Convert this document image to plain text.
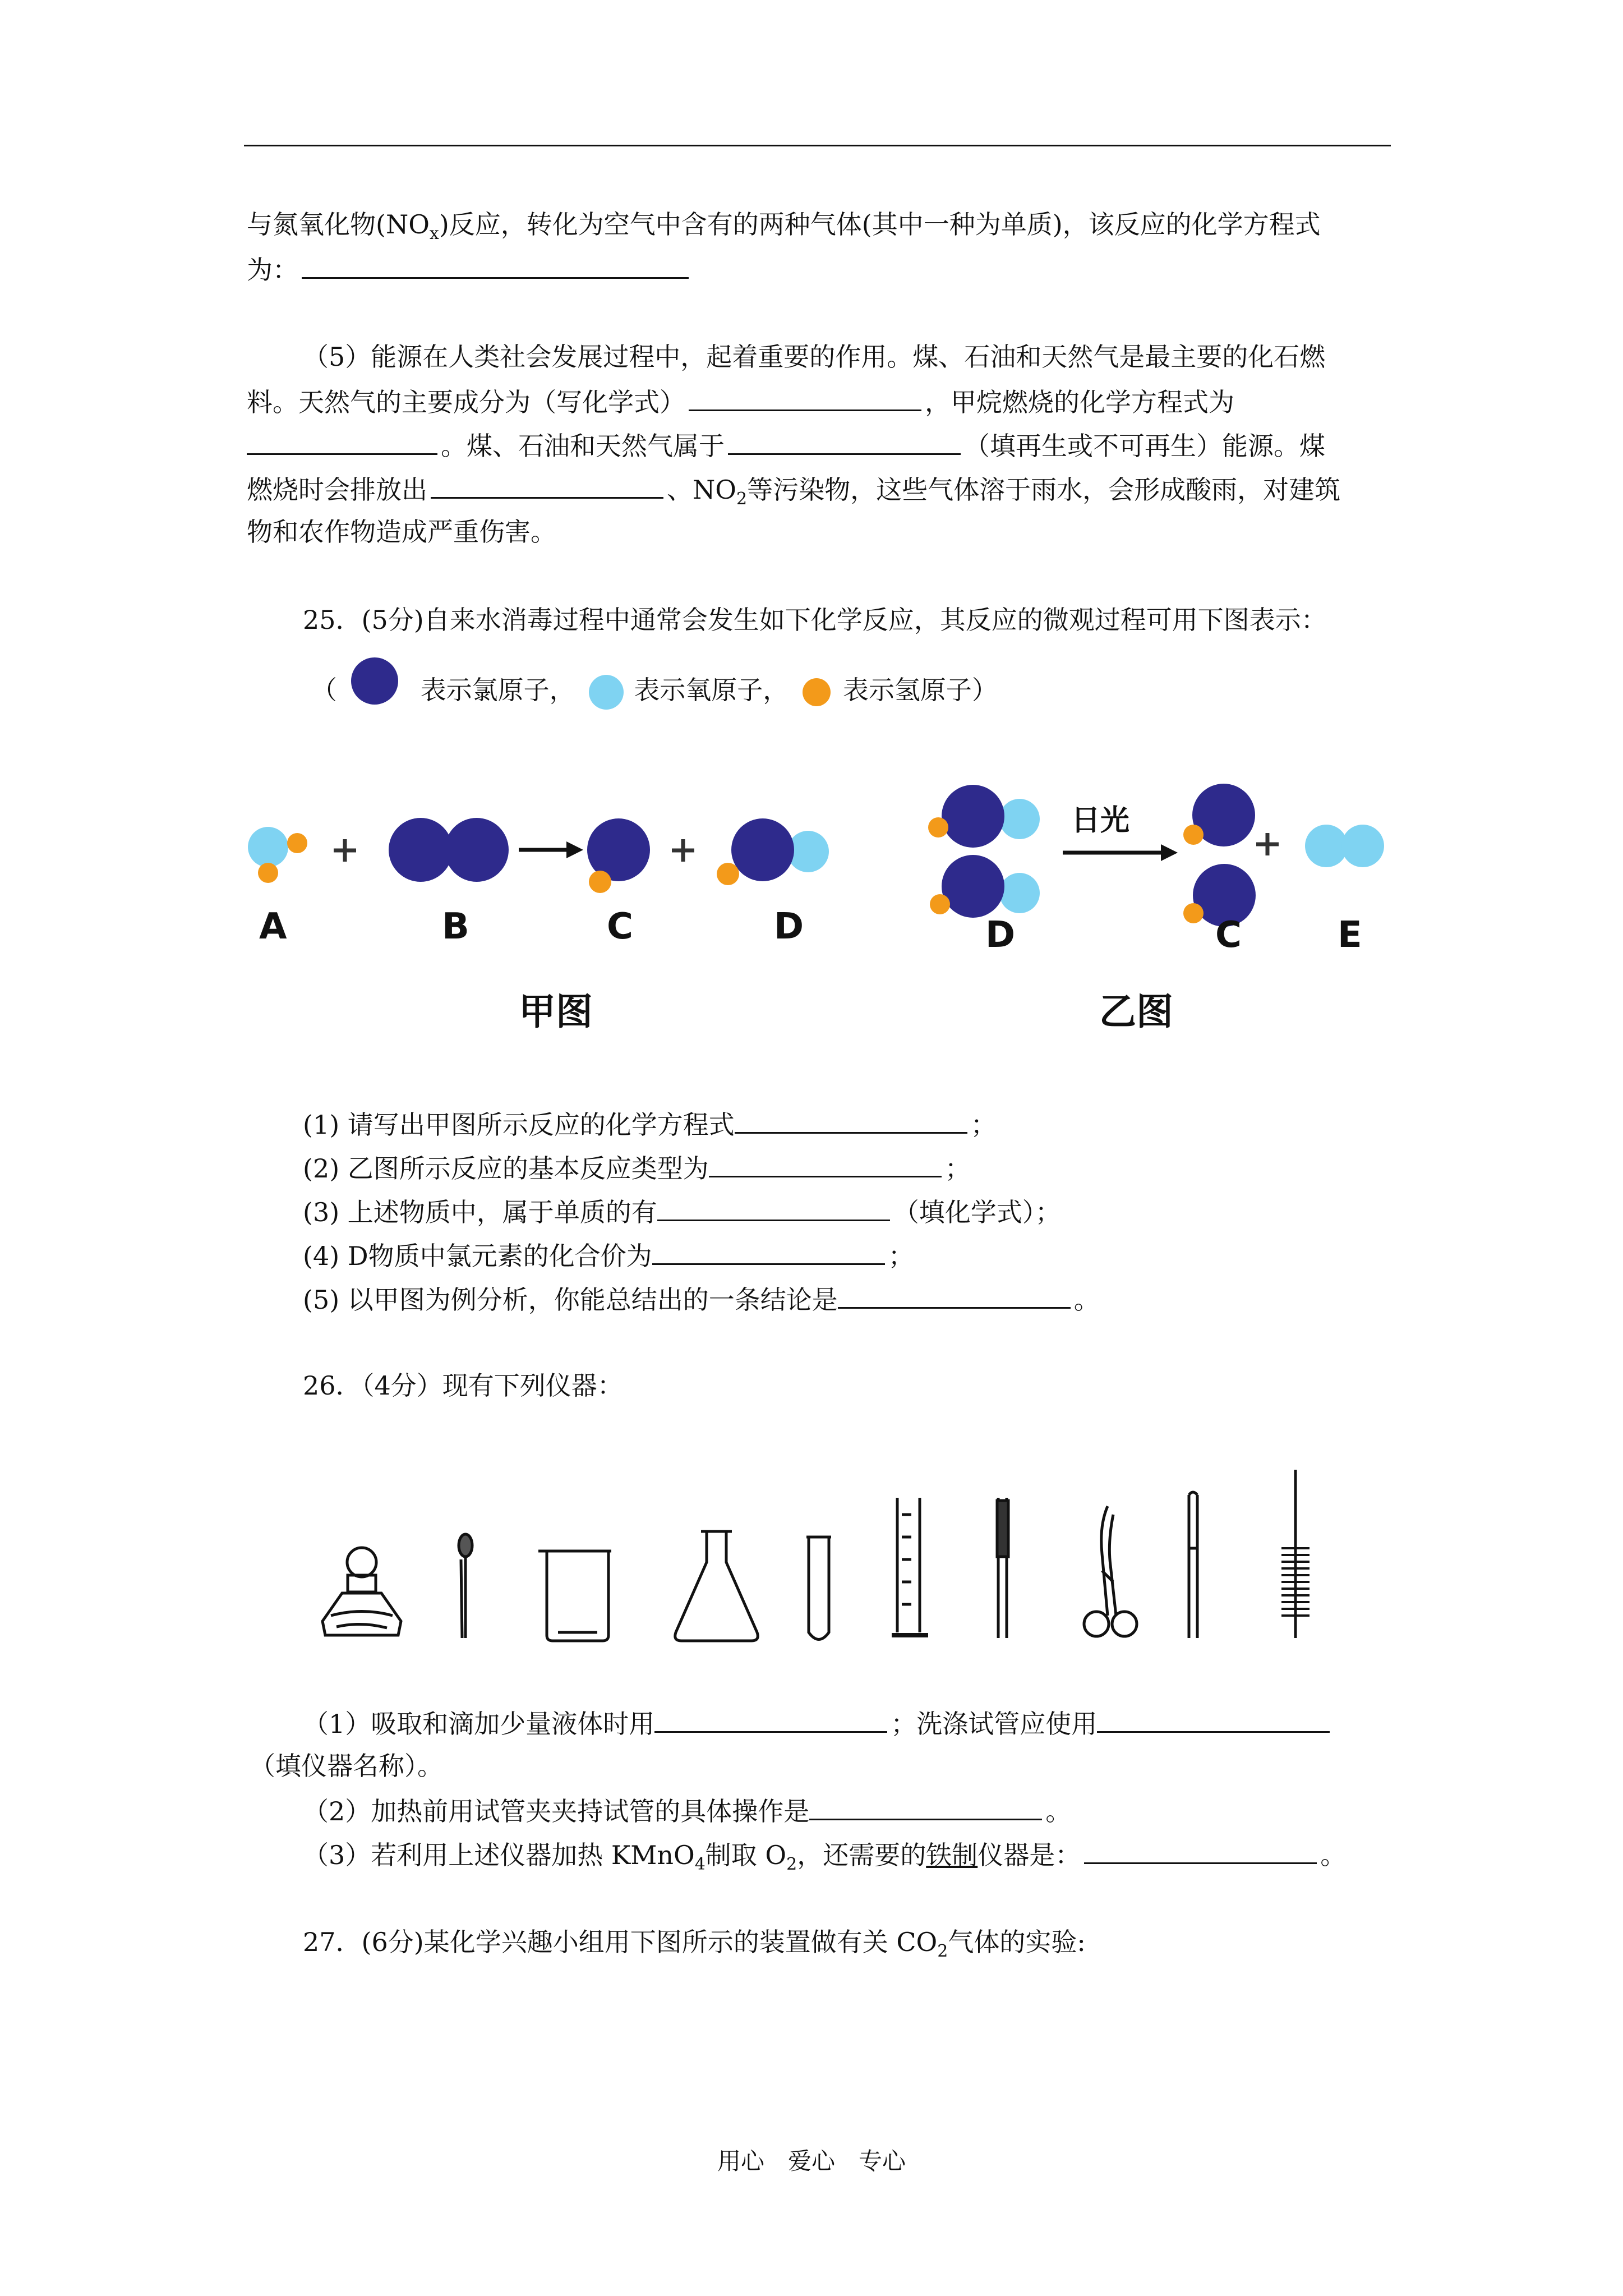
与氮氧化物$(NO_x)$反应，转化为空气中含有的两种气体(其中一种为单质)，该反应的化学方程式
为：
（5）能源在人类社会发展过程中，起着重要的作用。煤、石油和天然气是最主要的化石燃
料。天然气的主要成分为（写化学式）	，甲烷燃烧的化学方程式为
。煤、石油和天然气属于	（填再生或不可再生）能源。煤
燃烧时会排放出	、$NO_2$等污染物，这些气体溶于雨水，会形成酸雨，对建筑
物和农作物造成严重伤害。
25．(5分)自来水消毒过程中通常会发生如下化学反应，其反应的微观过程可用下图表示：
（	表示氯原子， 表示氧原子， 表示氢原子）
日光
A	B	C	D	D	C	E
甲图	乙图
(1) 请写出甲图所示反应的化学方程式	；
(2) 乙图所示反应的基本反应类型为	；
(3) 上述物质中，属于单质的有	（填化学式）；
(4) D物质中氯元素的化合价为	；
(5) 以甲图为例分析，你能总结出的一条结论是	。
26．（4分）现有下列仪器：
（1）吸取和滴加少量液体时用	；洗涤试管应使用
（填仪器名称）。
（2）加热前用试管夹夹持试管的具体操作是	。
（3）若利用上述仪器加热 KMnO$_4$制取 $O_2$，还需要的铁制仪器是：	。
27．(6分)某化学兴趣小组用下图所示的装置做有关 $CO_2$气体的实验:
用心　爱心　专心
